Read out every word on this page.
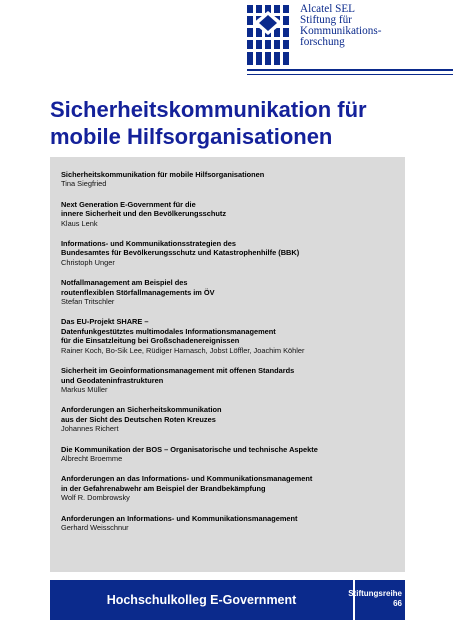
Alcatel SEL
Stiftung für
Kommunikations-
forschung
Sicherheitskommunikation für
mobile Hilfsorganisationen
Sicherheitskommunikation für mobile Hilfsorganisationen
Tina Siegfried
Next Generation E-Government für die
innere Sicherheit und den Bevölkerungsschutz
Klaus Lenk
Informations- und Kommunikationsstrategien des
Bundesamtes für Bevölkerungsschutz und Katastrophenhilfe (BBK)
Christoph Unger
Notfallmanagement am Beispiel des
routenflexiblen Störfallmanagements im ÖV
Stefan Tritschler
Das EU-Projekt SHARE –
Datenfunkgestütztes multimodales Informationsmanagement
für die Einsatzleitung bei Großschadenereignissen
Rainer Koch, Bo-Sik Lee, Rüdiger Harnasch, Jobst Löffler, Joachim Köhler
Sicherheit im Geoinformationsmanagement mit offenen Standards
und Geodateninfrastrukturen
Markus Müller
Anforderungen an Sicherheitskommunikation
aus der Sicht des Deutschen Roten Kreuzes
Johannes Richert
Die Kommunikation der BOS – Organisatorische und technische Aspekte
Albrecht Broemme
Anforderungen an das Informations- und Kommunikationsmanagement
in der Gefahrenabwehr am Beispiel der Brandbekämpfung
Wolf R. Dombrowsky
Anforderungen an Informations- und Kommunikationsmanagement
Gerhard Weisschnur
Hochschulkolleg E-Government	Stiftungsreihe
66
